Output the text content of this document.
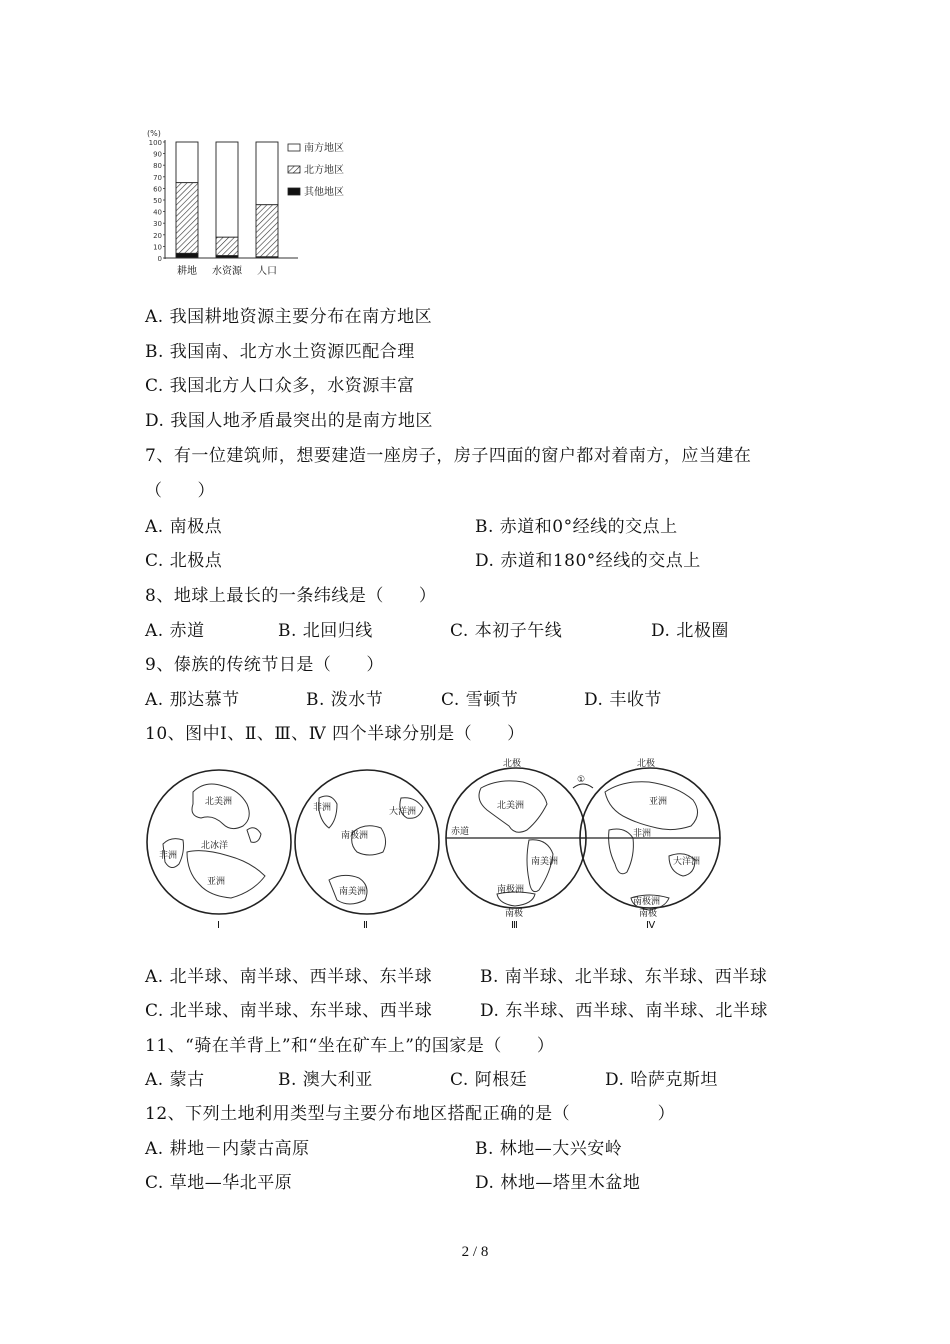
(%)
100
90
80
70
60
50
40
30
20
10
0
耕地 水资源 人口
南方地区
北方地区
其他地区
A. 我国耕地资源主要分布在南方地区
B. 我国南、北方水土资源匹配合理
C. 我国北方人口众多，水资源丰富
D. 我国人地矛盾最突出的是南方地区
7、有一位建筑师，想要建造一座房子，房子四面的窗户都对着南方，应当建在
（　　）
A. 南极点	B. 赤道和0°经线的交点上
C. 北极点	D. 赤道和180°经线的交点上
8、地球上最长的一条纬线是（　　）
A. 赤道	B. 北回归线	C. 本初子午线	D. 北极圈
9、傣族的传统节日是（　　）
A. 那达慕节	B. 泼水节	C. 雪顿节	D. 丰收节
10、图中Ⅰ、Ⅱ、Ⅲ、Ⅳ 四个半球分别是（　　）
北美洲
北冰洋
非洲
亚洲
Ⅰ
非洲	大洋洲
南极洲
南美洲
Ⅱ
北极
北美洲
赤道
南美洲
南极洲
南极
Ⅲ
①
北极
亚洲
非洲
大洋洲
南极洲
南极
Ⅳ
A. 北半球、南半球、西半球、东半球	B. 南半球、北半球、东半球、西半球
C. 北半球、南半球、东半球、西半球	D. 东半球、西半球、南半球、北半球
11、“骑在羊背上”和“坐在矿车上”的国家是（　　）
A. 蒙古	B. 澳大利亚	C. 阿根廷	D. 哈萨克斯坦
12、下列土地利用类型与主要分布地区搭配正确的是（　　　　　）
A. 耕地－内蒙古高原	B. 林地—大兴安岭
C. 草地—华北平原	D. 林地—塔里木盆地
2 / 8
